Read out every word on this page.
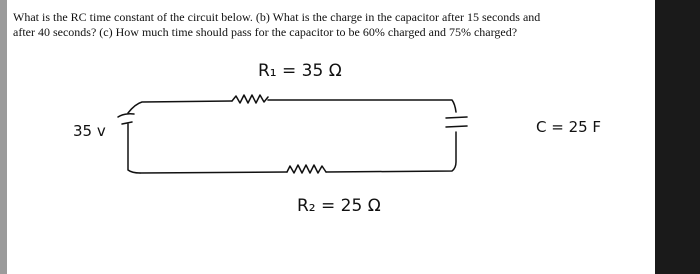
What is the RC time constant of the circuit below. (b) What is the charge in the capacitor after 15 seconds and
after 40 seconds? (c) How much time should pass for the capacitor to be 60% charged and 75% charged?

R₁ = 35 Ω
35 v	C = 25 F
R₂ = 25 Ω
